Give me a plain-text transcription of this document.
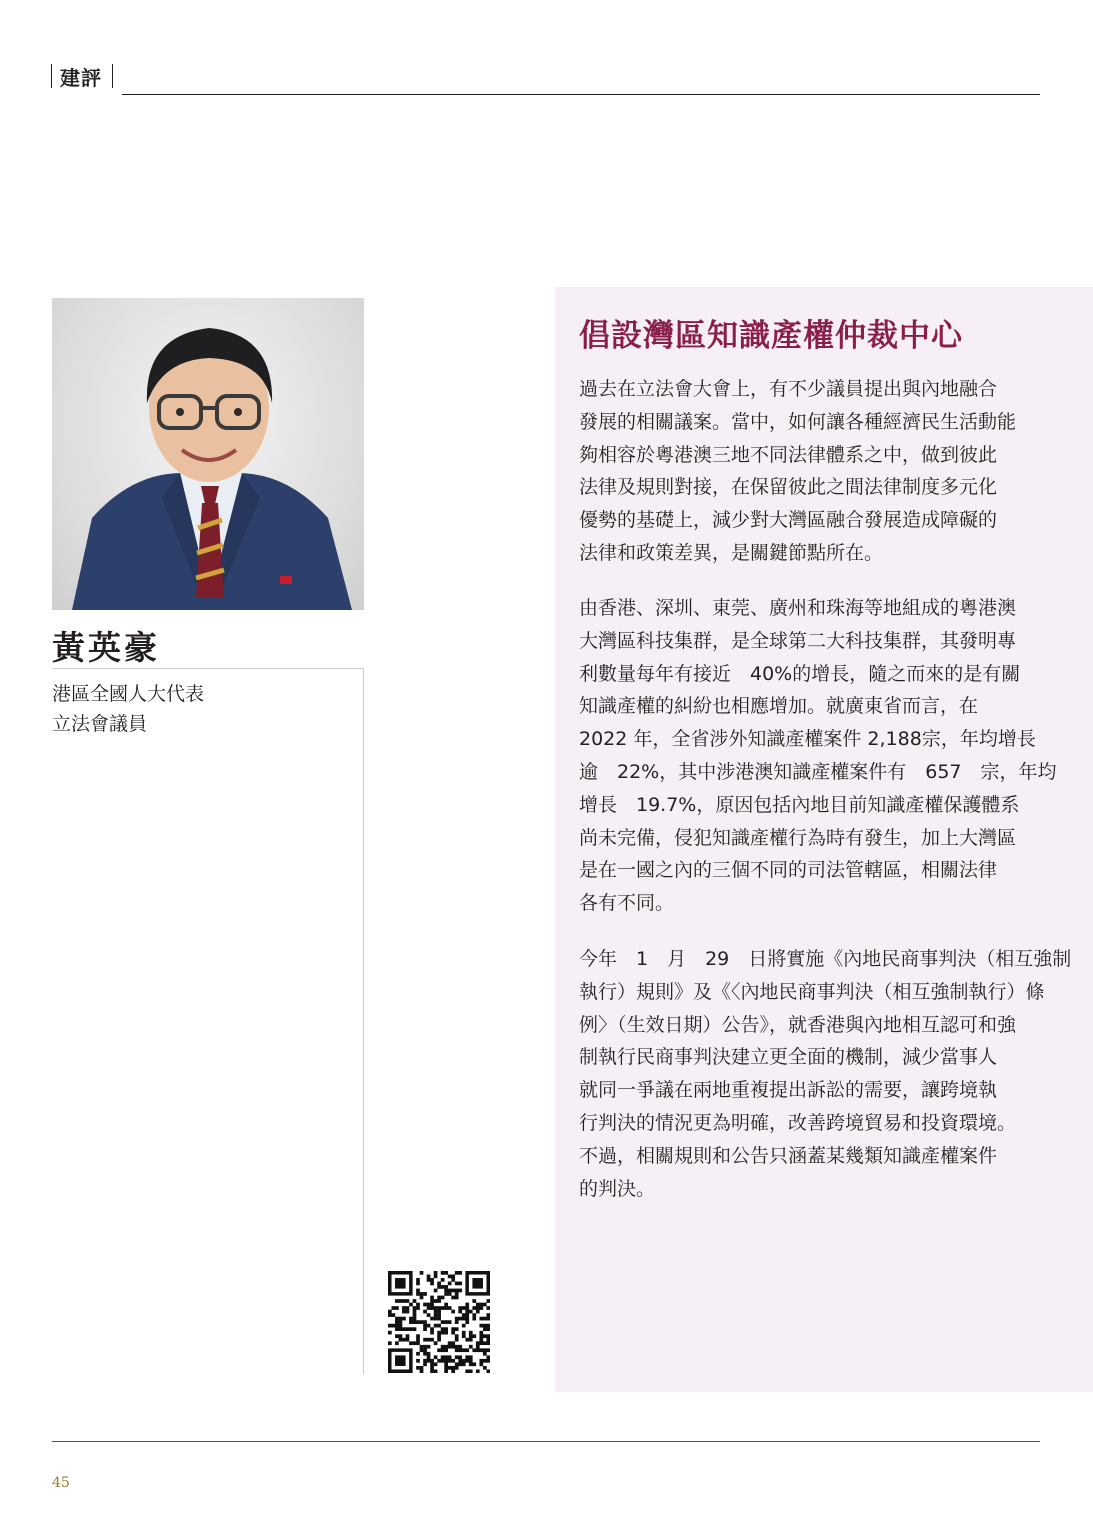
建評
黃英豪
港區全國人大代表
立法會議員
倡設灣區知識產權仲裁中心
過去在立法會大會上，有不少議員提出與內地融合
發展的相關議案。當中，如何讓各種經濟民生活動能
夠相容於粵港澳三地不同法律體系之中，做到彼此
法律及規則對接，在保留彼此之間法律制度多元化
優勢的基礎上，減少對大灣區融合發展造成障礙的
法律和政策差異，是關鍵節點所在。
由香港、深圳、東莞、廣州和珠海等地組成的粵港澳
大灣區科技集群，是全球第二大科技集群，其發明專
利數量每年有接近　40%的增長，隨之而來的是有關
知識產權的糾紛也相應增加。就廣東省而言，在
2022 年，全省涉外知識產權案件 2,188宗，年均增長
逾　22%，其中涉港澳知識產權案件有　657　宗，年均
增長　19.7%，原因包括內地目前知識產權保護體系
尚未完備，侵犯知識產權行為時有發生，加上大灣區
是在一國之內的三個不同的司法管轄區，相關法律
各有不同。
今年　1　月　29　日將實施《內地民商事判決（相互強制
執行）規則》及《〈內地民商事判決（相互強制執行）條
例〉（生效日期）公告》，就香港與內地相互認可和強
制執行民商事判決建立更全面的機制，減少當事人
就同一爭議在兩地重複提出訴訟的需要，讓跨境執
行判決的情況更為明確，改善跨境貿易和投資環境。
不過，相關規則和公告只涵蓋某幾類知識產權案件
的判決。
45
